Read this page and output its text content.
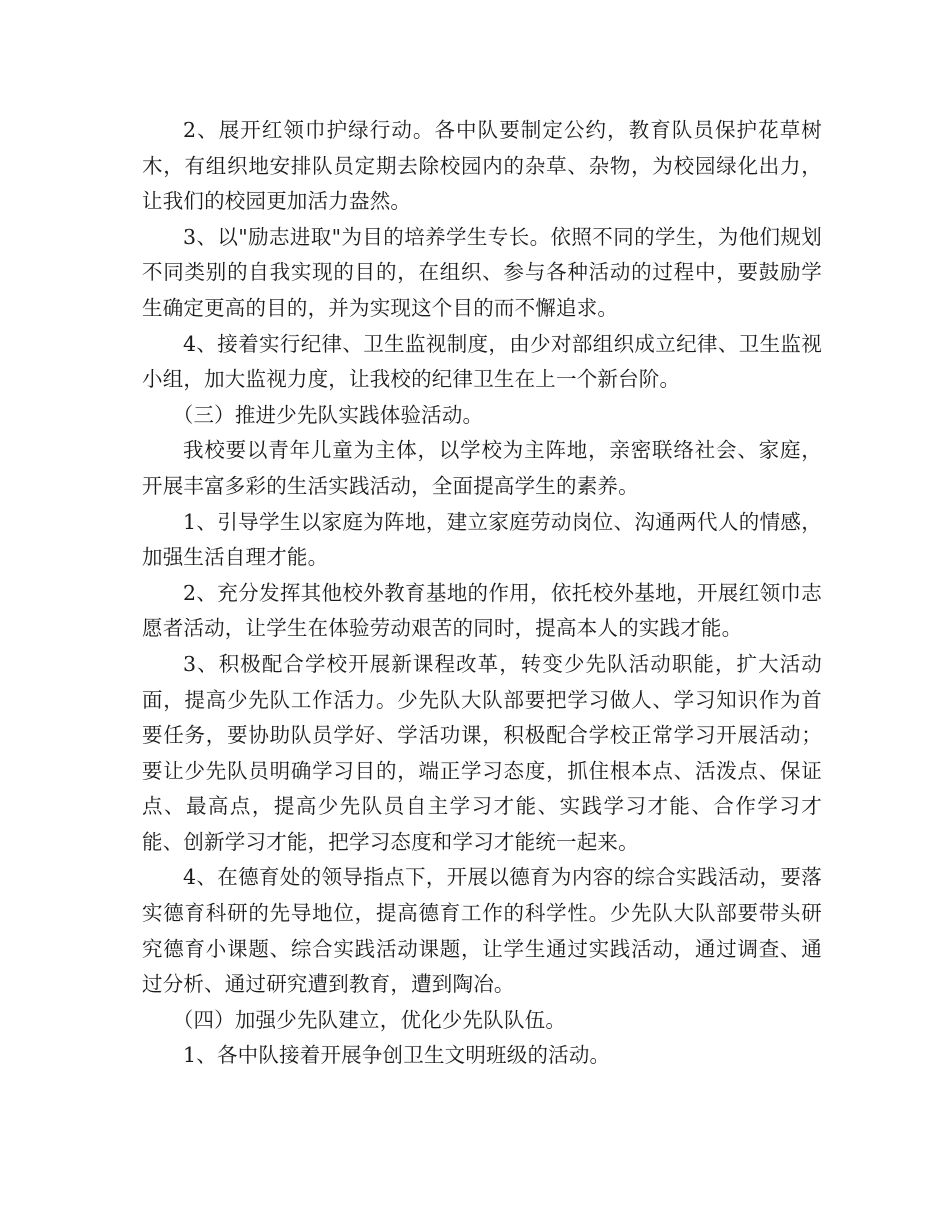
2、展开红领巾护绿行动。各中队要制定公约，教育队员保护花草树木，有组织地安排队员定期去除校园内的杂草、杂物，为校园绿化出力，让我们的校园更加活力盎然。

3、以"励志进取"为目的培养学生专长。依照不同的学生，为他们规划不同类别的自我实现的目的，在组织、参与各种活动的过程中，要鼓励学生确定更高的目的，并为实现这个目的而不懈追求。

4、接着实行纪律、卫生监视制度，由少对部组织成立纪律、卫生监视小组，加大监视力度，让我校的纪律卫生在上一个新台阶。

（三）推进少先队实践体验活动。

我校要以青年儿童为主体，以学校为主阵地，亲密联络社会、家庭，开展丰富多彩的生活实践活动，全面提高学生的素养。

1、引导学生以家庭为阵地，建立家庭劳动岗位、沟通两代人的情感，加强生活自理才能。

2、充分发挥其他校外教育基地的作用，依托校外基地，开展红领巾志愿者活动，让学生在体验劳动艰苦的同时，提高本人的实践才能。

3、积极配合学校开展新课程改革，转变少先队活动职能，扩大活动面，提高少先队工作活力。少先队大队部要把学习做人、学习知识作为首要任务，要协助队员学好、学活功课，积极配合学校正常学习开展活动；要让少先队员明确学习目的，端正学习态度，抓住根本点、活泼点、保证点、最高点，提高少先队员自主学习才能、实践学习才能、合作学习才能、创新学习才能，把学习态度和学习才能统一起来。

4、在德育处的领导指点下，开展以德育为内容的综合实践活动，要落实德育科研的先导地位，提高德育工作的科学性。少先队大队部要带头研究德育小课题、综合实践活动课题，让学生通过实践活动，通过调查、通过分析、通过研究遭到教育，遭到陶冶。

（四）加强少先队建立，优化少先队队伍。

1、各中队接着开展争创卫生文明班级的活动。
